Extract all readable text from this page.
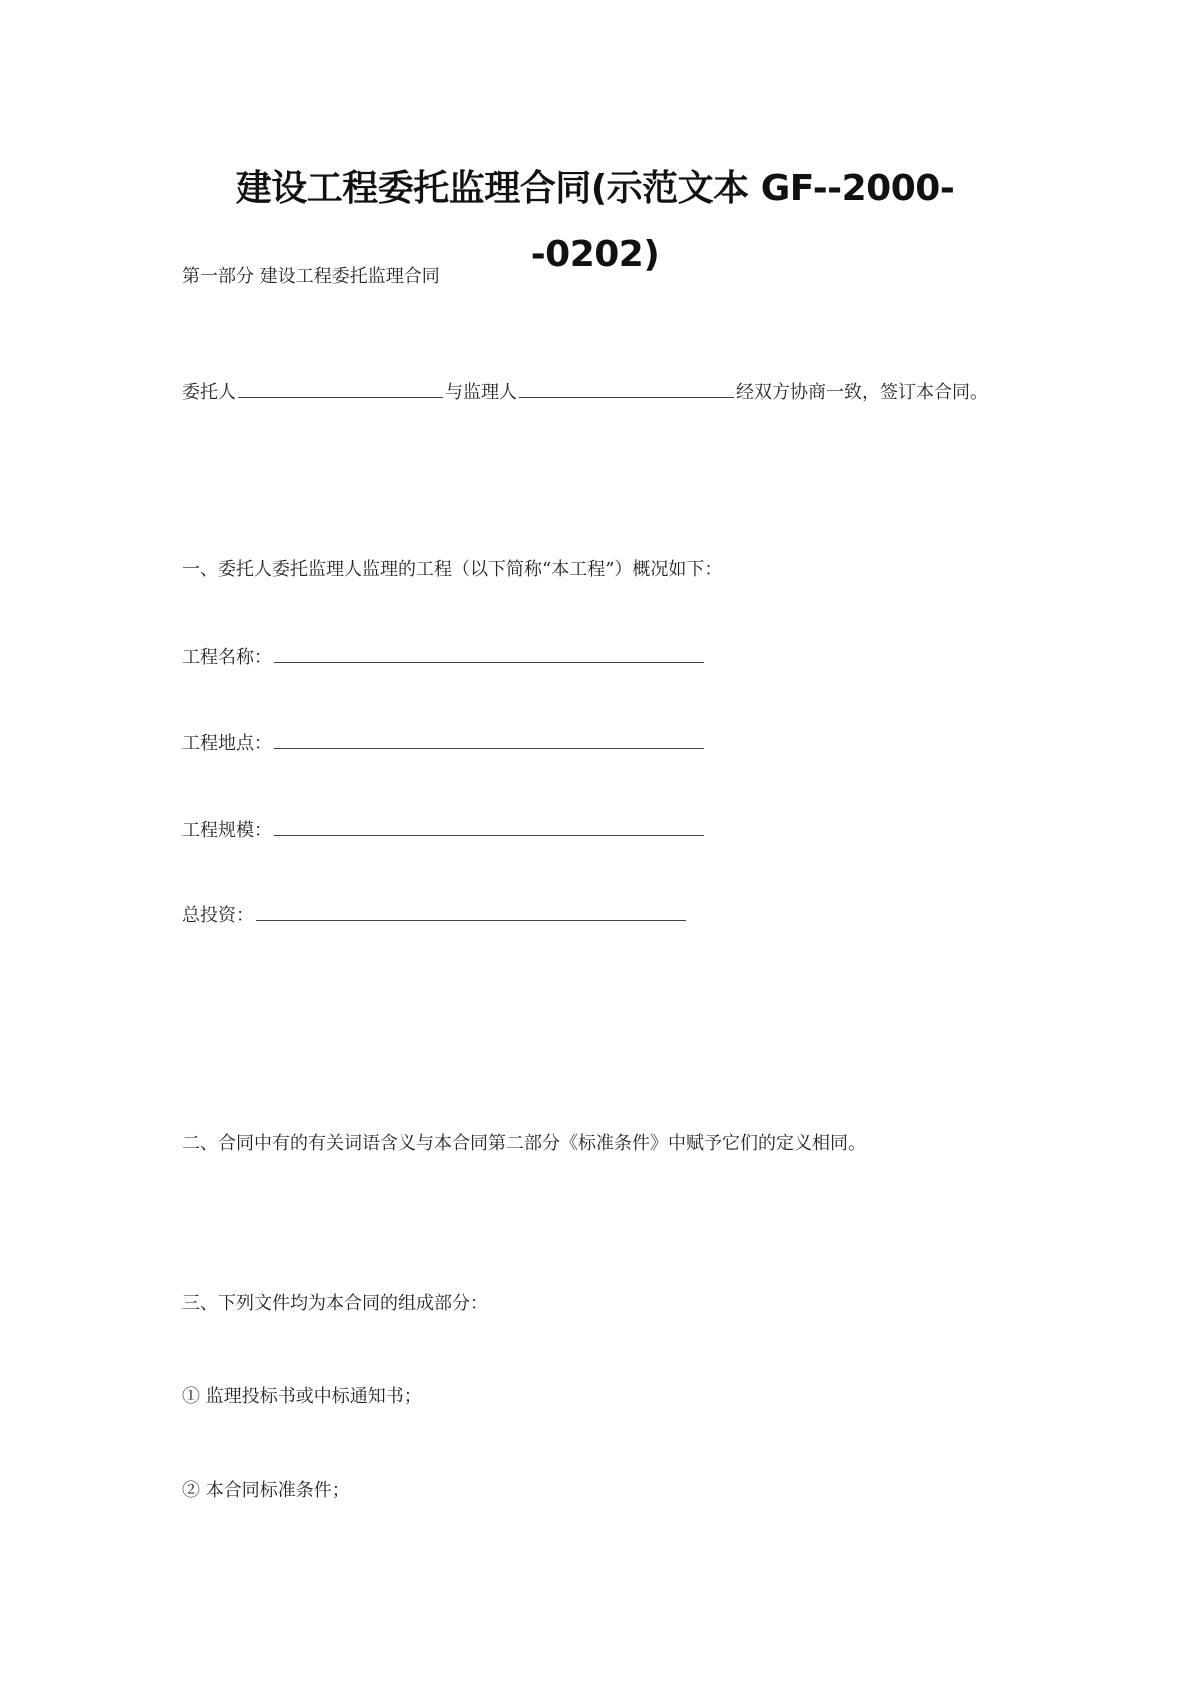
建设工程委托监理合同(示范文本 GF--2000--0202)
第一部分 建设工程委托监理合同
委托人	与监理人	经双方协商一致，签订本合同。
一、委托人委托监理人监理的工程（以下简称“本工程”）概况如下：
工程名称：
工程地点：
工程规模：
总投资：
二、合同中有的有关词语含义与本合同第二部分《标准条件》中赋予它们的定义相同。
三、下列文件均为本合同的组成部分：
① 监理投标书或中标通知书；
② 本合同标准条件；
